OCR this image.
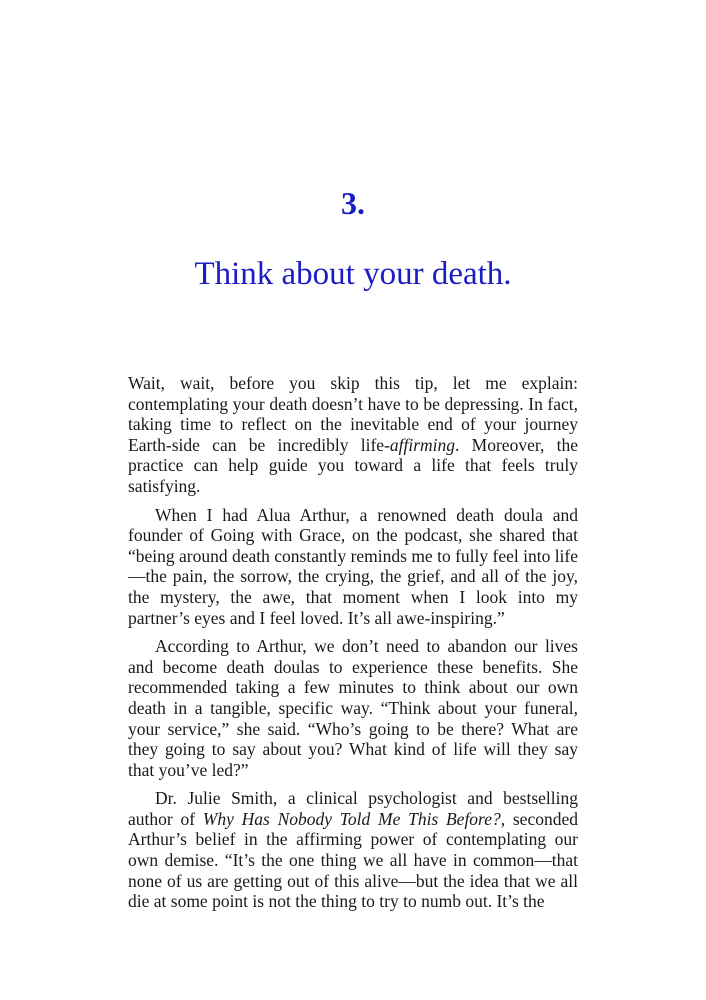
3.
Think about your death.

Wait, wait, before you skip this tip, let me explain: contemplating your death doesn’t have to be depressing. In fact, taking time to reflect on the inevitable end of your journey Earth-side can be incredibly life-affirming. Moreover, the practice can help guide you toward a life that feels truly satisfying.

When I had Alua Arthur, a renowned death doula and founder of Going with Grace, on the podcast, she shared that “being around death constantly reminds me to fully feel into life—the pain, the sorrow, the crying, the grief, and all of the joy, the mystery, the awe, that moment when I look into my partner’s eyes and I feel loved. It’s all awe-inspiring.”

According to Arthur, we don’t need to abandon our lives and become death doulas to experience these benefits. She recommended taking a few minutes to think about our own death in a tangible, specific way. “Think about your funeral, your service,” she said. “Who’s going to be there? What are they going to say about you? What kind of life will they say that you’ve led?”

Dr. Julie Smith, a clinical psychologist and bestselling author of Why Has Nobody Told Me This Before?, seconded Arthur’s belief in the affirming power of contemplating our own demise. “It’s the one thing we all have in common—that none of us are getting out of this alive—but the idea that we all die at some point is not the thing to try to numb out. It’s the
